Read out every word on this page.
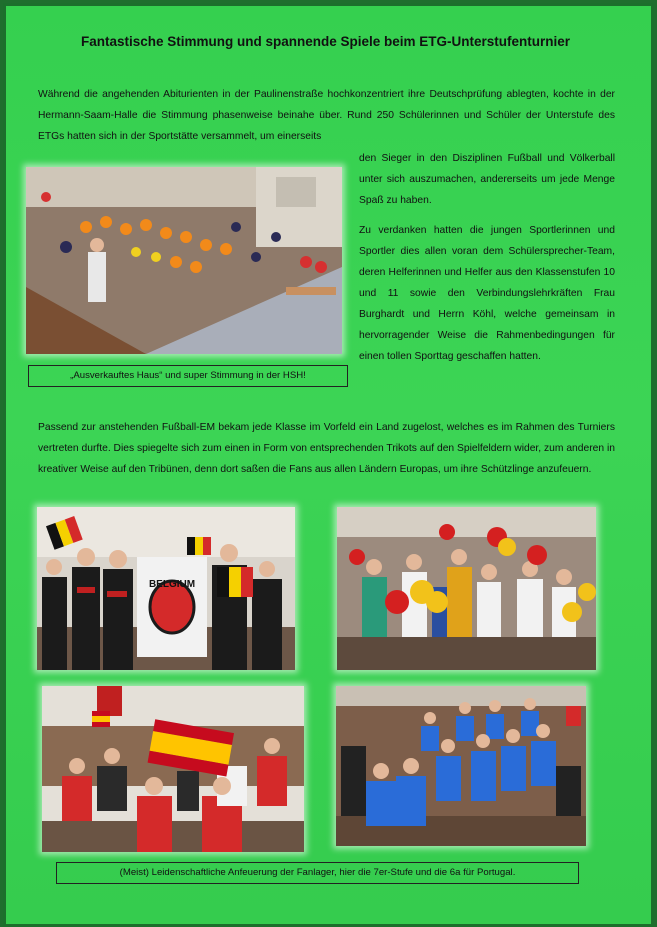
Fantastische Stimmung und spannende Spiele beim ETG-Unterstufenturnier

Während die angehenden Abiturienten in der Paulinenstraße hochkonzentriert ihre Deutschprüfung ablegten, kochte in der Hermann-Saam-Halle die Stimmung phasenweise beinahe über. Rund 250 Schülerinnen und Schüler der Unterstufe des ETGs hatten sich in der Sportstätte versammelt, um einerseits

den Sieger in den Disziplinen Fußball und Völkerball unter sich auszumachen, andererseits um jede Menge Spaß zu haben.

Zu verdanken hatten die jungen Sportlerinnen und Sportler dies allen voran dem Schülersprecher-Team, deren Helferinnen und Helfer aus den Klassenstufen 10 und 11 sowie den Verbindungslehrkräften Frau Burghardt und Herrn Köhl, welche gemeinsam in hervorragender Weise die Rahmenbedingungen für einen tollen Sporttag geschaffen hatten.

Passend zur anstehenden Fußball-EM bekam jede Klasse im Vorfeld ein Land zugelost, welches es im Rahmen des Turniers vertreten durfte. Dies spiegelte sich zum einen in Form von entsprechenden Trikots auf den Spielfeldern wider, zum anderen in kreativer Weise auf den Tribünen, denn dort saßen die Fans aus allen Ländern Europas, um ihre Schützlinge anzufeuern.

„Ausverkauftes Haus“ und super Stimmung in der HSH!
BELGIUM
(Meist) Leidenschaftliche Anfeuerung der Fanlager, hier die 7er-Stufe und die 6a für Portugal.
